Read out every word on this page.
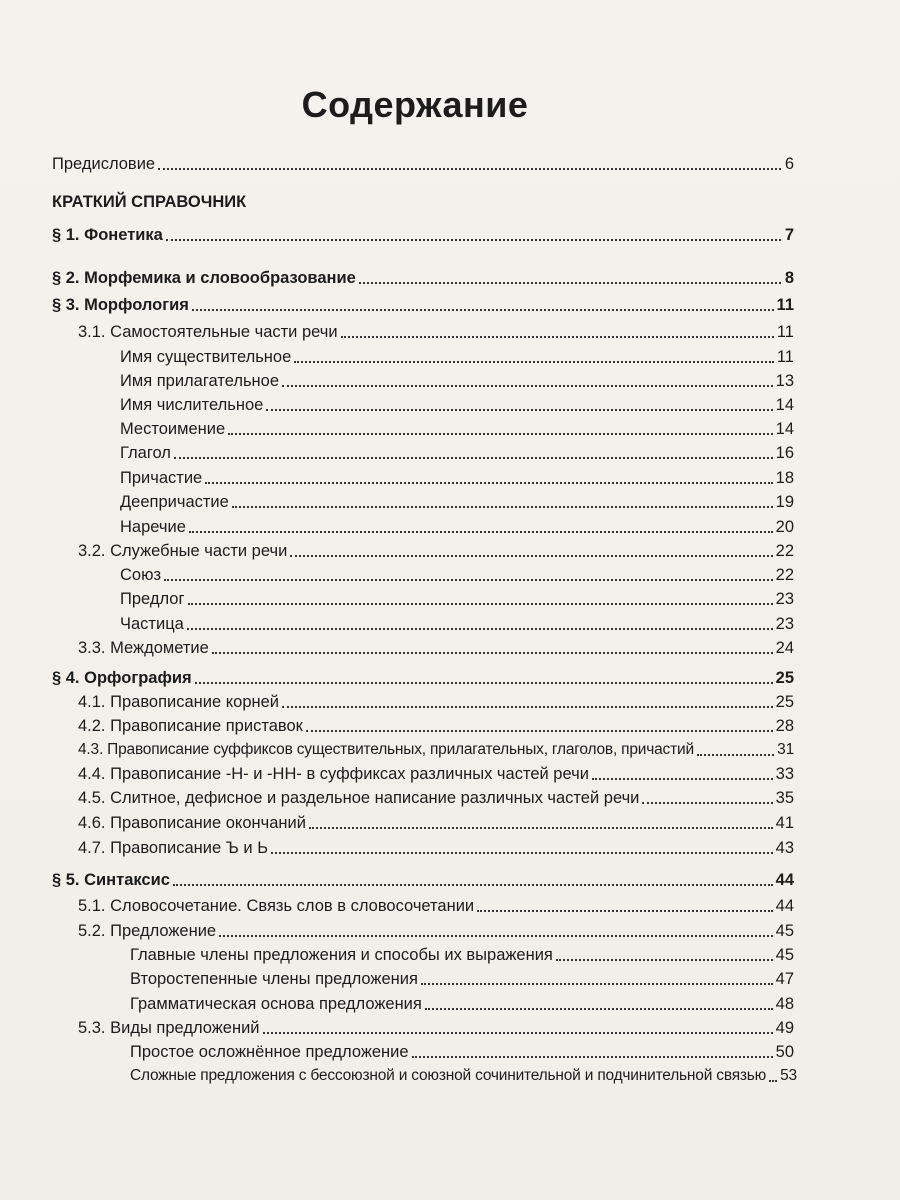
Содержание
Предисловие	6
КРАТКИЙ СПРАВОЧНИК
§ 1. Фонетика	7
§ 2. Морфемика и словообразование	8
§ 3. Морфология	11
3.1. Самостоятельные части речи	11
Имя существительное	11
Имя прилагательное	13
Имя числительное	14
Местоимение	14
Глагол	16
Причастие	18
Деепричастие	19
Наречие	20
3.2. Служебные части речи	22
Союз	22
Предлог	23
Частица	23
3.3. Междометие	24
§ 4. Орфография	25
4.1. Правописание корней	25
4.2. Правописание приставок	28
4.3. Правописание суффиксов существительных, прилагательных, глаголов, причастий	31
4.4. Правописание -Н- и -НН- в суффиксах различных частей речи	33
4.5. Слитное, дефисное и раздельное написание различных частей речи	35
4.6. Правописание окончаний	41
4.7. Правописание Ъ и Ь	43
§ 5. Синтаксис	44
5.1. Словосочетание. Связь слов в словосочетании	44
5.2. Предложение	45
Главные члены предложения и способы их выражения	45
Второстепенные члены предложения	47
Грамматическая основа предложения	48
5.3. Виды предложений	49
Простое осложнённое предложение	50
Сложные предложения с бессоюзной и союзной сочинительной и подчинительной связью 53
